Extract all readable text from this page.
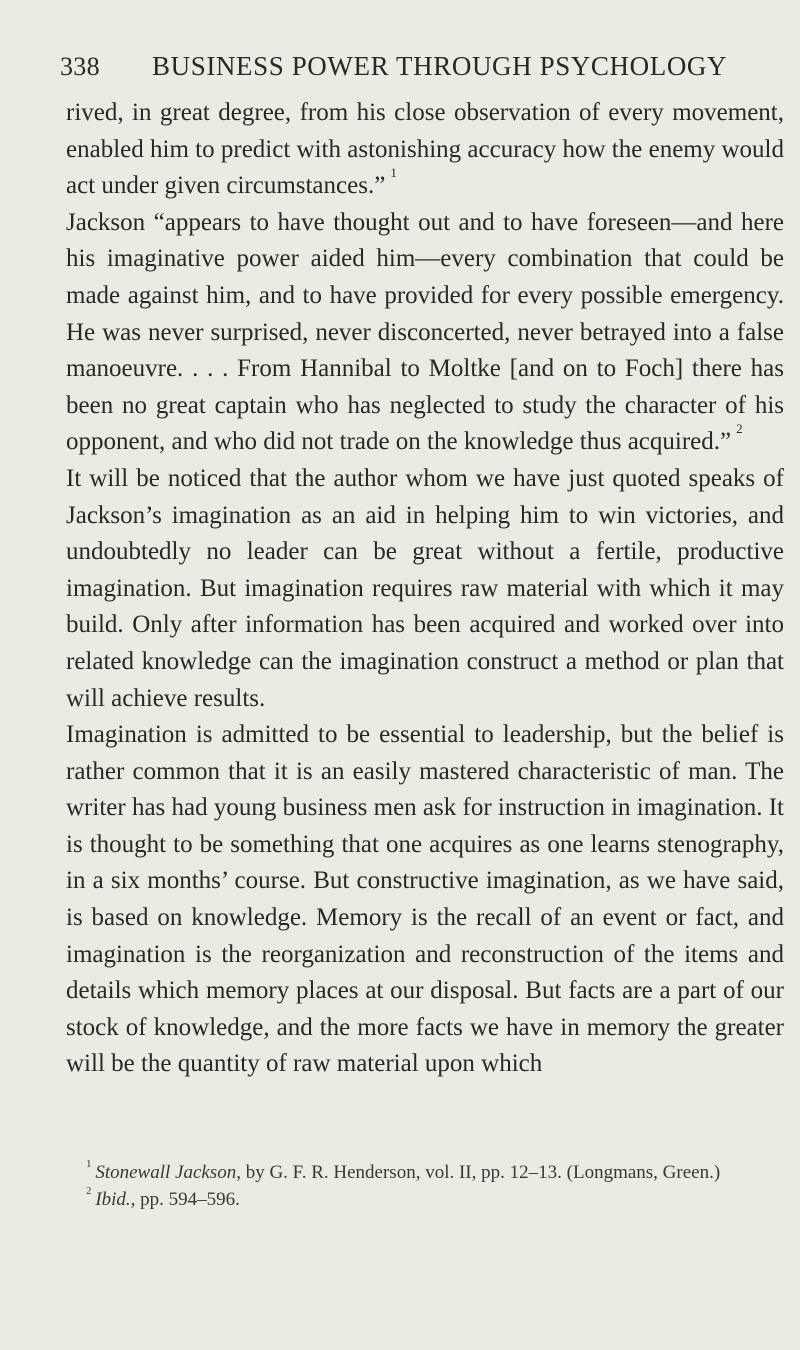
338 BUSINESS POWER THROUGH PSYCHOLOGY

rived, in great degree, from his close observation of every movement, enabled him to predict with astonishing accuracy how the enemy would act under given circumstances.”  $^1$

Jackson “appears to have thought out and to have foreseen—and here his imaginative power aided him—every combination that could be made against him, and to have provided for every possible emergency. He was never surprised, never disconcerted, never betrayed into a false manoeuvre. . . . From Hannibal to Moltke [and on to Foch] there has been no great captain who has neglected to study the character of his opponent, and who did not trade on the knowledge thus acquired.”  $^2$

It will be noticed that the author whom we have just quoted speaks of Jackson’s imagination as an aid in helping him to win victories, and undoubtedly no leader can be great without a fertile, productive imagination. But imagination requires raw material with which it may build. Only after information has been acquired and worked over into related knowledge can the imagination construct a method or plan that will achieve results.

Imagination is admitted to be essential to leadership, but the belief is rather common that it is an easily mastered characteristic of man. The writer has had young business men ask for instruction in imagination. It is thought to be something that one acquires as one learns stenography, in a six months’ course. But constructive imagination, as we have said, is based on knowledge. Memory is the recall of an event or fact, and imagination is the reorganization and reconstruction of the items and details which memory places at our disposal. But facts are a part of our stock of knowledge, and the more facts we have in memory the greater will be the quantity of raw material upon which

$^1$  Stonewall Jackson, by G. F. R. Henderson, vol. II, pp. 12–13. (Longmans, Green.)

$^2$  Ibid., pp. 594–596.
